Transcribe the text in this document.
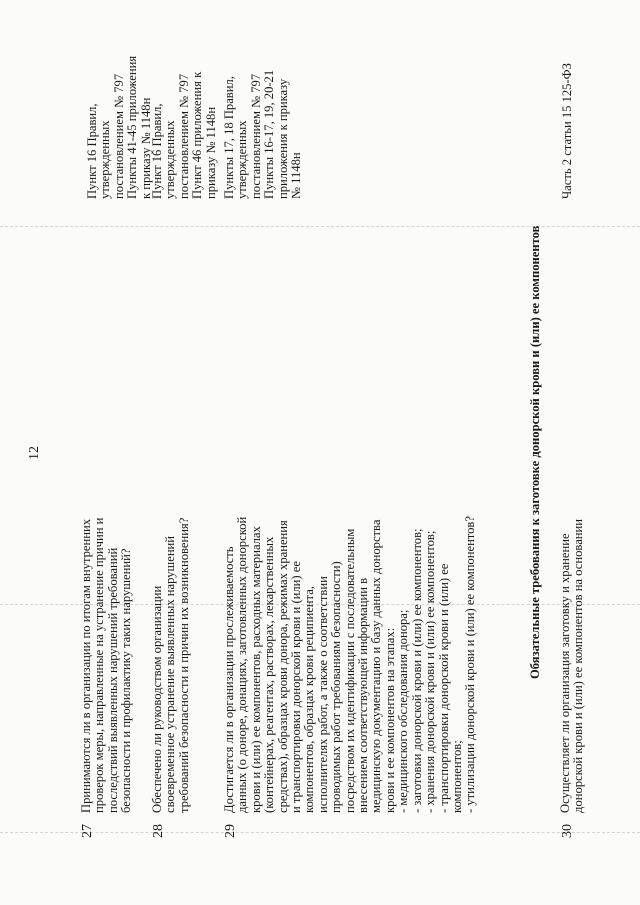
12
27
Принимаются ли в организации по итогам внутренних проверок меры, направленные на устранение причин и последствий выявленных нарушений требований безопасности и профилактику таких нарушений?
Пункт 16 Правил, утвержденных постановлением № 797 Пункты 41-45 приложения к приказу № 1148н
28
Обеспечено ли руководством организации своевременное устранение выявленных нарушений требований безопасности и причин их возникновения?
Пункт 16 Правил, утвержденных постановлением № 797 Пункт 46 приложения к приказу № 1148н
29
Достигается ли в организации прослеживаемость данных (о доноре, донациях, заготовленных донорской крови и (или) ее компонентов, расходных материалах (контейнерах, реагентах, растворах, лекарственных средствах), образцах крови донора, режимах хранения и транспортировки донорской крови и (или) ее компонентов, образцах крови реципиента, исполнителях работ, а также о соответствии проводимых работ требованиям безопасности) посредством их идентификации с последовательным внесением соответствующей информации в медицинскую документацию и базу данных донорства крови и ее компонентов на этапах: - медицинского обследования донора; - заготовки донорской крови и (или) ее компонентов; - хранения донорской крови и (или) ее компонентов; - транспортировки донорской крови и (или) ее компонентов; - утилизации донорской крови и (или) ее компонентов?
Пункты 17, 18 Правил, утвержденных постановлением № 797 Пункты 16-17, 19, 20-21 приложения к приказу № 1148н
Обязательные требования к заготовке донорской крови и (или) ее компонентов
30
Осуществляет ли организация заготовку и хранение донорской крови и (или) ее компонентов на основании
Часть 2 статьи 15 125-ФЗ
